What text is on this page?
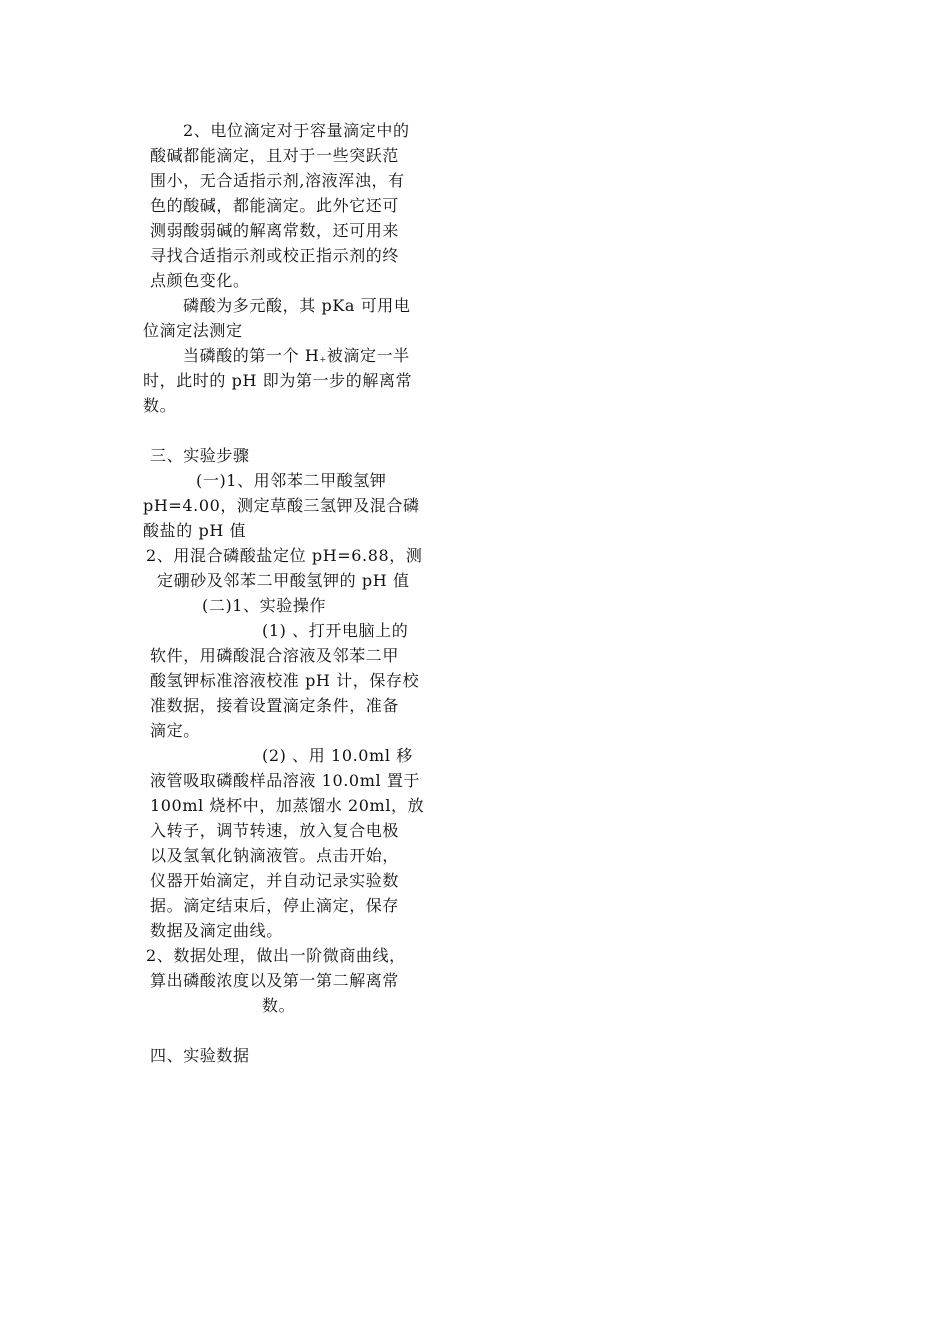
2、电位滴定对于容量滴定中的
酸碱都能滴定，且对于一些突跃范
围小，无合适指示剂,溶液浑浊，有
色的酸碱，都能滴定。此外它还可
测弱酸弱碱的解离常数，还可用来
寻找合适指示剂或校正指示剂的终
点颜色变化。
磷酸为多元酸，其 pKa 可用电
位滴定法测定
当磷酸的第一个 $H_+$被滴定一半
时，此时的 pH 即为第一步的解离常
数。
三、实验步骤
(一)1、用邻苯二甲酸氢钾
pH=4.00，测定草酸三氢钾及混合磷
酸盐的 pH 值
2、用混合磷酸盐定位 pH=6.88，测
定硼砂及邻苯二甲酸氢钾的 pH 值
(二)1、实验操作
(1) 、打开电脑上的
软件，用磷酸混合溶液及邻苯二甲
酸氢钾标准溶液校准 pH 计，保存校
准数据，接着设置滴定条件，准备
滴定。
(2) 、用 10.0ml 移
液管吸取磷酸样品溶液 10.0ml 置于
100ml 烧杯中，加蒸馏水 20ml，放
入转子，调节转速，放入复合电极
以及氢氧化钠滴液管。点击开始，
仪器开始滴定，并自动记录实验数
据。滴定结束后，停止滴定，保存
数据及滴定曲线。
2、数据处理，做出一阶微商曲线，
算出磷酸浓度以及第一第二解离常
数。
四、实验数据
